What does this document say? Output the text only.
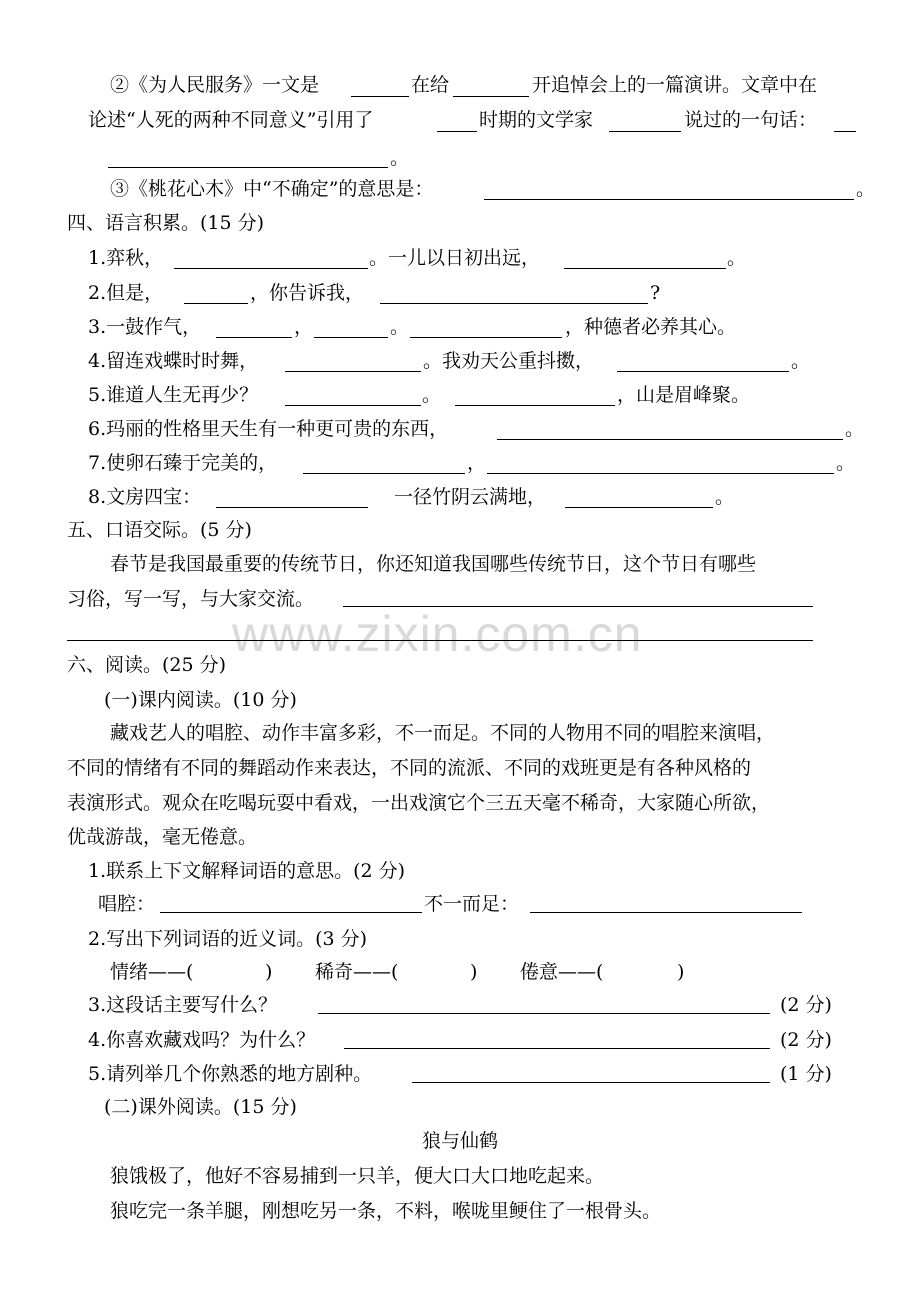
www.zixin.com.cn
②《为人民服务》一文是	在给	开追悼会上的一篇演讲。文章中在
论述“人死的两种不同意义”引用了	时期的文学家	说过的一句话：
。
③《桃花心木》中“不确定”的意思是：	。
四、语言积累。(15 分)
1.弈秋，	。一儿以日初出远，	。
2.但是，	，你告诉我，	?
3.一鼓作气，	，	。	，种德者必养其心。
4.留连戏蝶时时舞，	。我劝天公重抖擞，	。
5.谁道人生无再少？	。	，山是眉峰聚。
6.玛丽的性格里天生有一种更可贵的东西，	。
7.使卵石臻于完美的，	，	。
8.文房四宝：	一径竹阴云满地，	。
五、口语交际。(5 分)
春节是我国最重要的传统节日，你还知道我国哪些传统节日，这个节日有哪些
习俗，写一写，与大家交流。
六、阅读。(25 分)
(一)课内阅读。(10 分)
藏戏艺人的唱腔、动作丰富多彩，不一而足。不同的人物用不同的唱腔来演唱，
不同的情绪有不同的舞蹈动作来表达，不同的流派、不同的戏班更是有各种风格的
表演形式。观众在吃喝玩耍中看戏，一出戏演它个三五天毫不稀奇，大家随心所欲，
优哉游哉，毫无倦意。
1.联系上下文解释词语的意思。(2 分)
唱腔：	不一而足：
2.写出下列词语的近义词。(3 分)
情绪——(	) 稀奇——(	) 倦意——(	)
3.这段话主要写什么？	(2 分)
4.你喜欢藏戏吗？为什么？	(2 分)
5.请列举几个你熟悉的地方剧种。	(1 分)
(二)课外阅读。(15 分)
狼与仙鹤
狼饿极了，他好不容易捕到一只羊，便大口大口地吃起来。
狼吃完一条羊腿，刚想吃另一条，不料，喉咙里鲠住了一根骨头。
